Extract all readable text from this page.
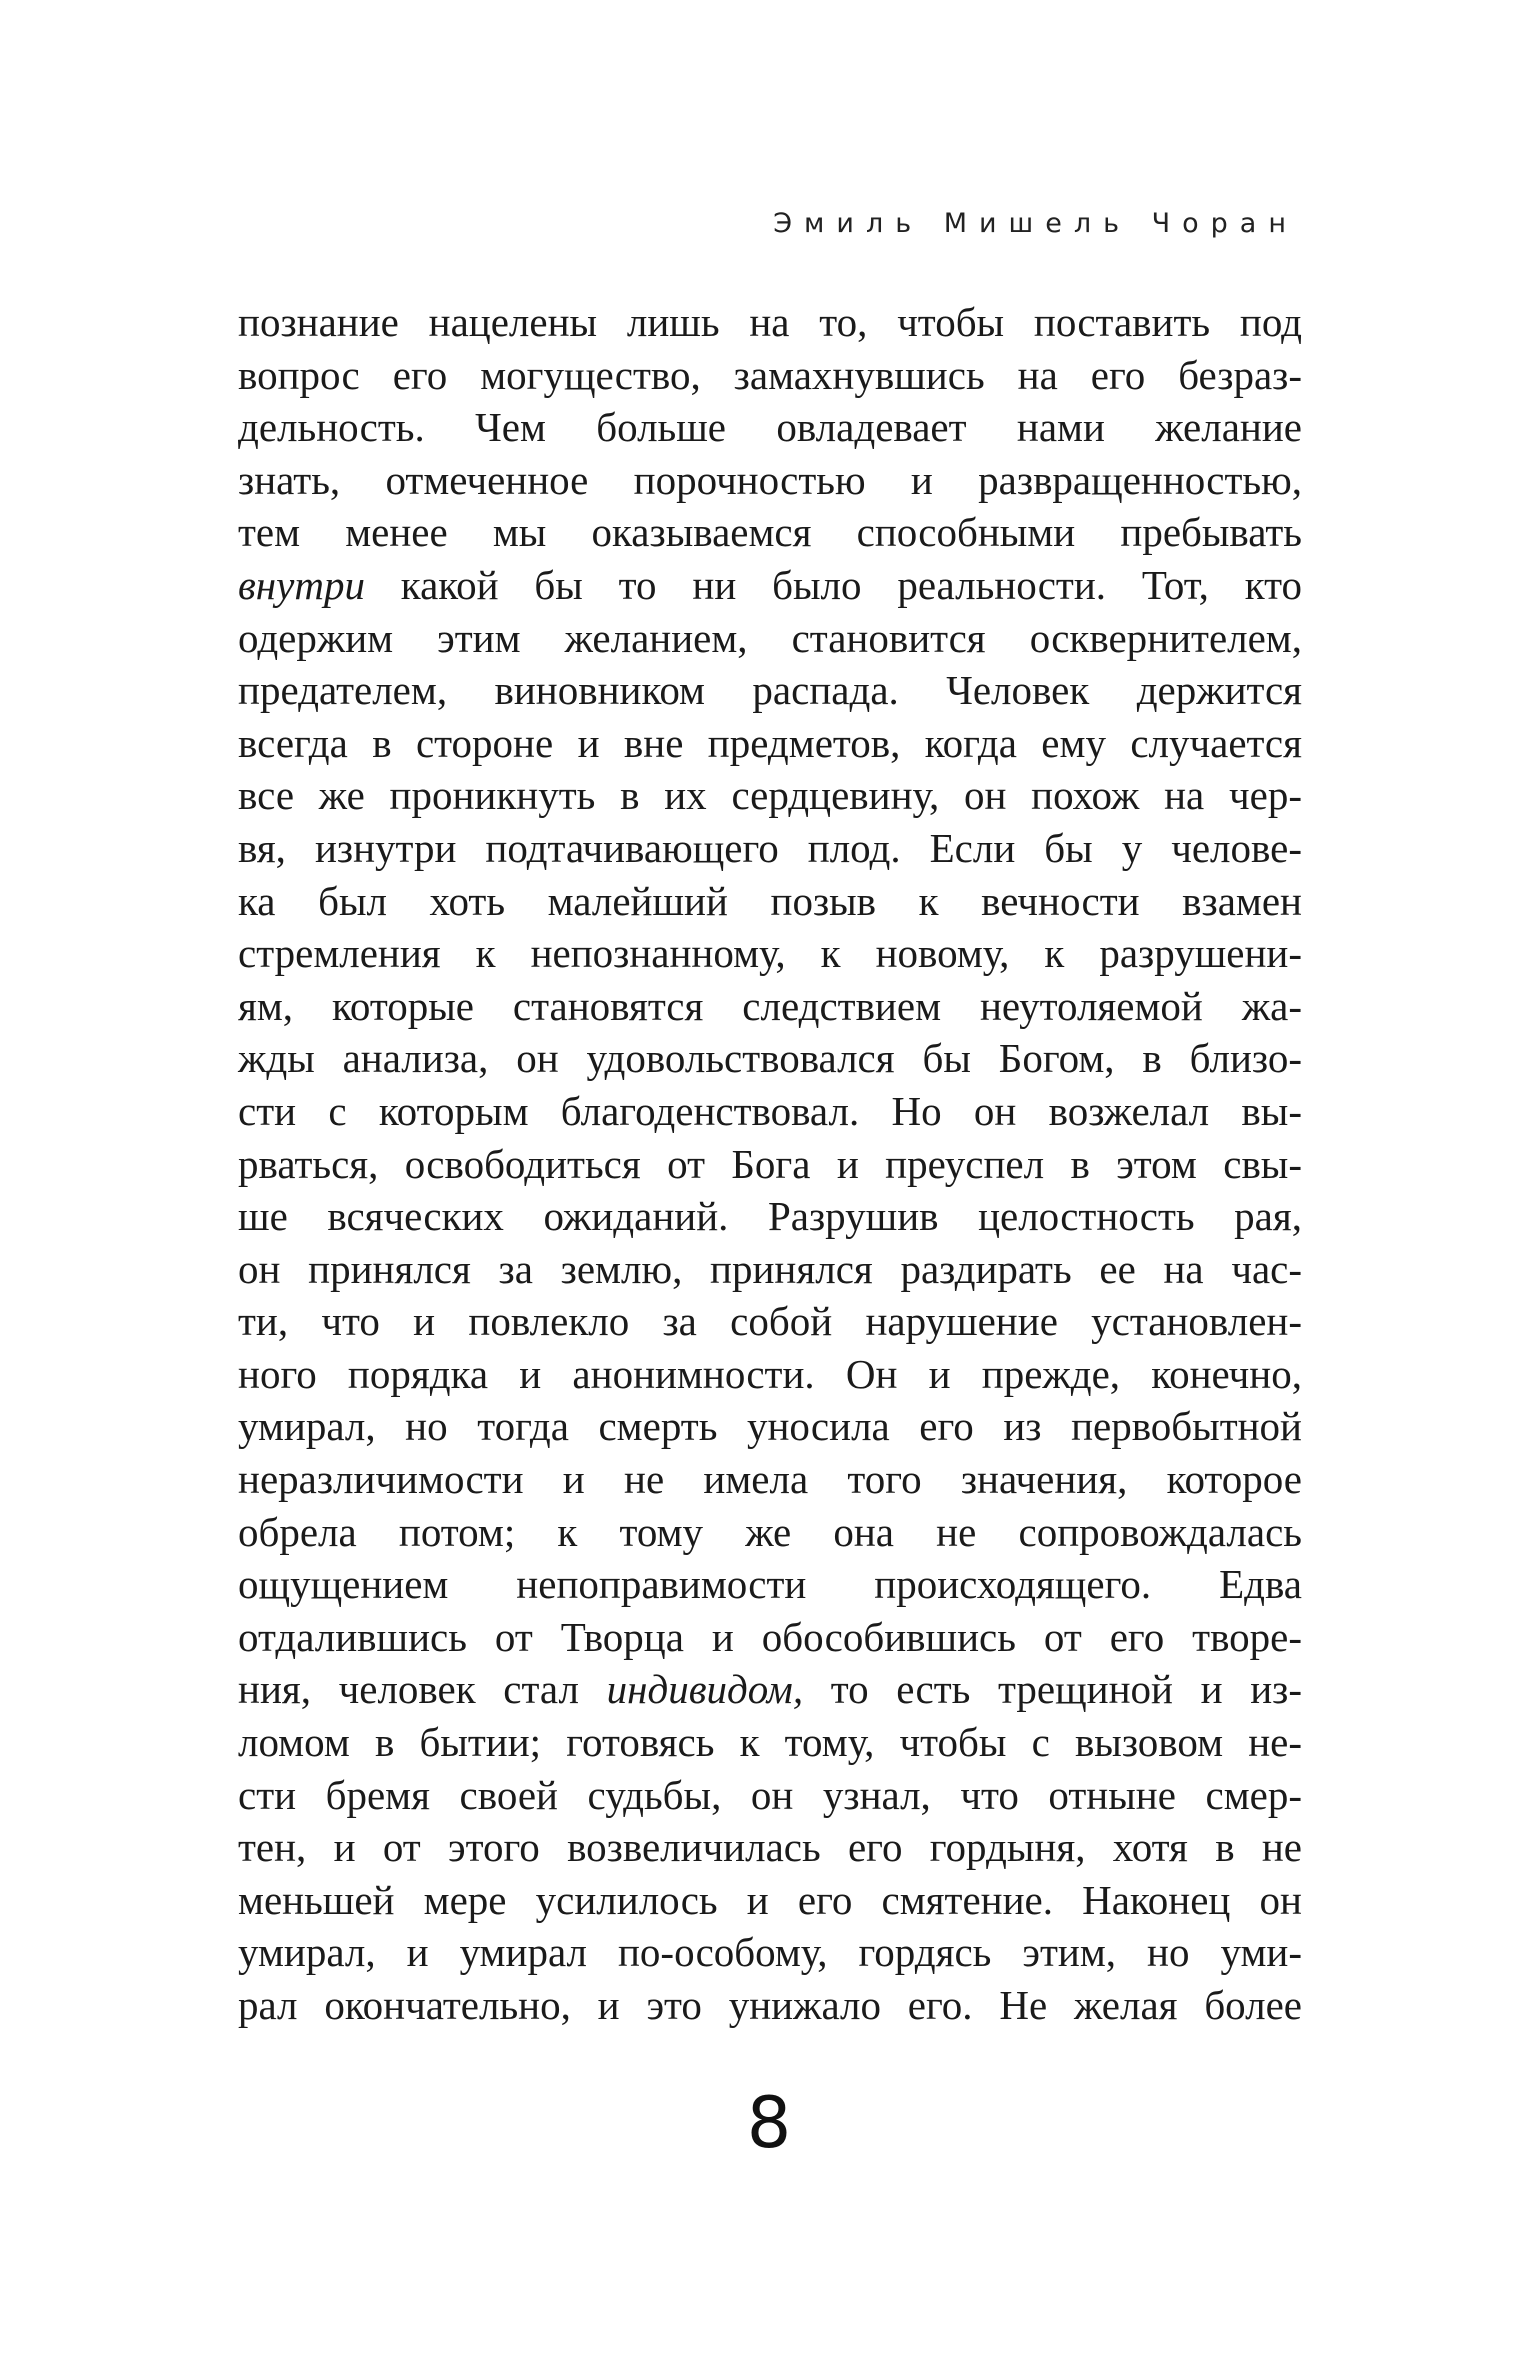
Эмиль Мишель Чоран
познание нацелены лишь на то, чтобы поставить под
вопрос его могущество, замахнувшись на его безраз-
дельность. Чем больше овладевает нами желание
знать, отмеченное порочностью и развращенностью,
тем менее мы оказываемся способными пребывать
внутри какой бы то ни было реальности. Тот, кто
одержим этим желанием, становится осквернителем,
предателем, виновником распада. Человек держится
всегда в стороне и вне предметов, когда ему случается
все же проникнуть в их сердцевину, он похож на чер-
вя, изнутри подтачивающего плод. Если бы у челове-
ка был хоть малейший позыв к вечности взамен
стремления к непознанному, к новому, к разрушени-
ям, которые становятся следствием неутоляемой жа-
жды анализа, он удовольствовался бы Богом, в близо-
сти с которым благоденствовал. Но он возжелал вы-
рваться, освободиться от Бога и преуспел в этом свы-
ше всяческих ожиданий. Разрушив целостность рая,
он принялся за землю, принялся раздирать ее на час-
ти, что и повлекло за собой нарушение установлен-
ного порядка и анонимности. Он и прежде, конечно,
умирал, но тогда смерть уносила его из первобытной
неразличимости и не имела того значения, которое
обрела потом; к тому же она не сопровождалась
ощущением непоправимости происходящего. Едва
отдалившись от Творца и обособившись от его творе-
ния, человек стал индивидом, то есть трещиной и из-
ломом в бытии; готовясь к тому, чтобы с вызовом не-
сти бремя своей судьбы, он узнал, что отныне смер-
тен, и от этого возвеличилась его гордыня, хотя в не
меньшей мере усилилось и его смятение. Наконец он
умирал, и умирал по-особому, гордясь этим, но уми-
рал окончательно, и это унижало его. Не желая более
8
